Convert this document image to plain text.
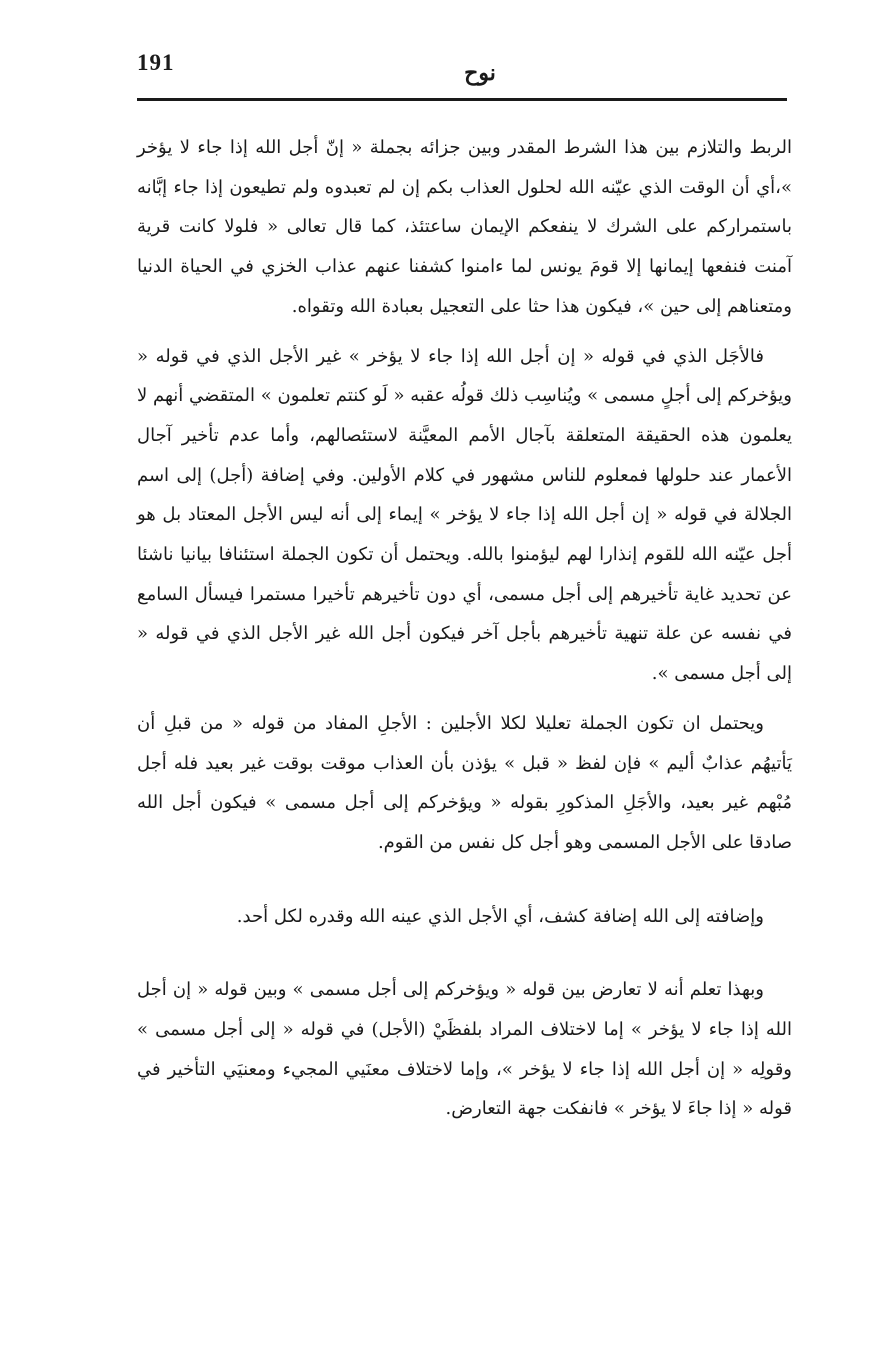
191	نوح

الربط والتلازم بين هذا الشرط المقدر وبين جزائه بجملة « إنّ أجل الله إذا جاء لا يؤخر »،أي أن الوقت الذي عيّنه الله لحلول العذاب بكم إن لم تعبدوه ولم تطيعون إذا جاء إبَّانه باستمراركم على الشرك لا ينفعكم الإيمان ساعتئذ، كما قال تعالى « فلولا كانت قرية آمنت فنفعها إيمانها إلا قومَ يونس لما ءامنوا كشفنا عنهم عذاب الخزي في الحياة الدنيا ومتعناهم إلى حين »، فيكون هذا حثا على التعجيل بعبادة الله وتقواه.

فالأجَل الذي في قوله « إن أجل الله إذا جاء لا يؤخر » غير الأجل الذي في قوله « ويؤخركم إلى أجلٍ مسمى » ويُناسِب ذلك قولُه عقبه « لَو كنتم تعلمون » المتقضي أنهم لا يعلمون هذه الحقيقة المتعلقة بآجال الأمم المعيَّنة لاستئصالهم، وأما عدم تأخير آجال الأعمار عند حلولها فمعلوم للناس مشهور في كلام الأولين. وفي إضافة (أجل) إلى اسم الجلالة في قوله « إن أجل الله إذا جاء لا يؤخر » إيماء إلى أنه ليس الأجل المعتاد بل هو أجل عيّنه الله للقوم إنذارا لهم ليؤمنوا بالله. ويحتمل أن تكون الجملة استئنافا بيانيا ناشئا عن تحديد غاية تأخيرهم إلى أجل مسمى، أي دون تأخيرهم تأخيرا مستمرا فيسأل السامع في نفسه عن علة تنهية تأخيرهم بأجل آخر فيكون أجل الله غير الأجل الذي في قوله « إلى أجل مسمى ».

ويحتمل ان تكون الجملة تعليلا لكلا الأجلين : الأجلِ المفاد من قوله « من قبلِ أن يَأتيهُم عذابٌ أليم » فإن لفظ « قبل » يؤذن بأن العذاب موقت بوقت غير بعيد فله أجل مُبْهم غير بعيد، والأجَلِ المذكورِ بقوله « ويؤخركم إلى أجل مسمى » فيكون أجل الله صادقا على الأجل المسمى وهو أجل كل نفس من القوم.

وإضافته إلى الله إضافة كشف، أي الأجل الذي عينه الله وقدره لكل أحد.

وبهذا تعلم أنه لا تعارض بين قوله « ويؤخركم إلى أجل مسمى » وبين قوله « إن أجل الله إذا جاء لا يؤخر » إما لاختلاف المراد بلفظَيْ (الأجل) في قوله « إلى أجل مسمى » وقولِه « إن أجل الله إذا جاء لا يؤخر »، وإما لاختلاف معنَيي المجيء ومعنيَي التأخير في قوله « إذا جاءَ لا يؤخر » فانفكت جهة التعارض.
